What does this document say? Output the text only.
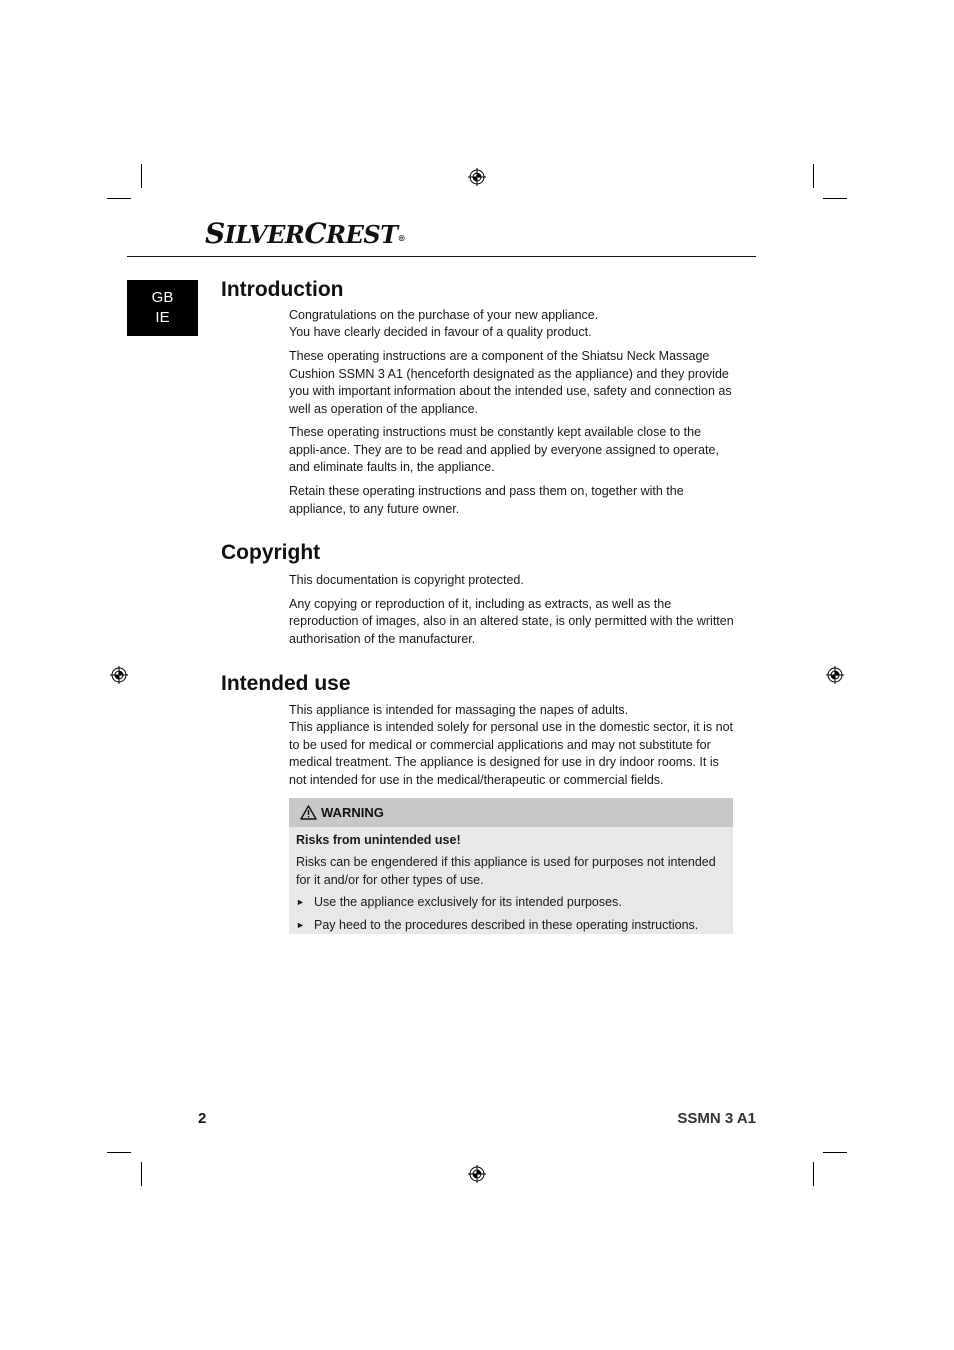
SILVERCREST®
GB
IE
Introduction

Congratulations on the purchase of your new appliance.

You have clearly decided in favour of a quality product.

These operating instructions are a component of the Shiatsu Neck Massage Cushion SSMN 3 A1 (henceforth designated as the appliance) and they provide you with important information about the intended use, safety and connection as well as operation of the appliance.

These operating instructions must be constantly kept available close to the appli-ance. They are to be read and applied by everyone assigned to operate, and eliminate faults in, the appliance.

Retain these operating instructions and pass them on, together with the appliance, to any future owner.

Copyright

This documentation is copyright protected.

Any copying or reproduction of it, including as extracts, as well as the reproduction of images, also in an altered state, is only permitted with the written authorisation of the manufacturer.

Intended use

This appliance is intended for massaging the napes of adults.

This appliance is intended solely for personal use in the domestic sector, it is not to be used for medical or commercial applications and may not substitute for medical treatment. The appliance is designed for use in dry indoor rooms. It is not intended for use in the medical/therapeutic or commercial fields.

WARNING
Risks from unintended use!

Risks can be engendered if this appliance is used for purposes not intended for it and/or for other types of use.

► Use the appliance exclusively for its intended purposes.
► Pay heed to the procedures described in these operating instructions.
2	SSMN 3 A1
